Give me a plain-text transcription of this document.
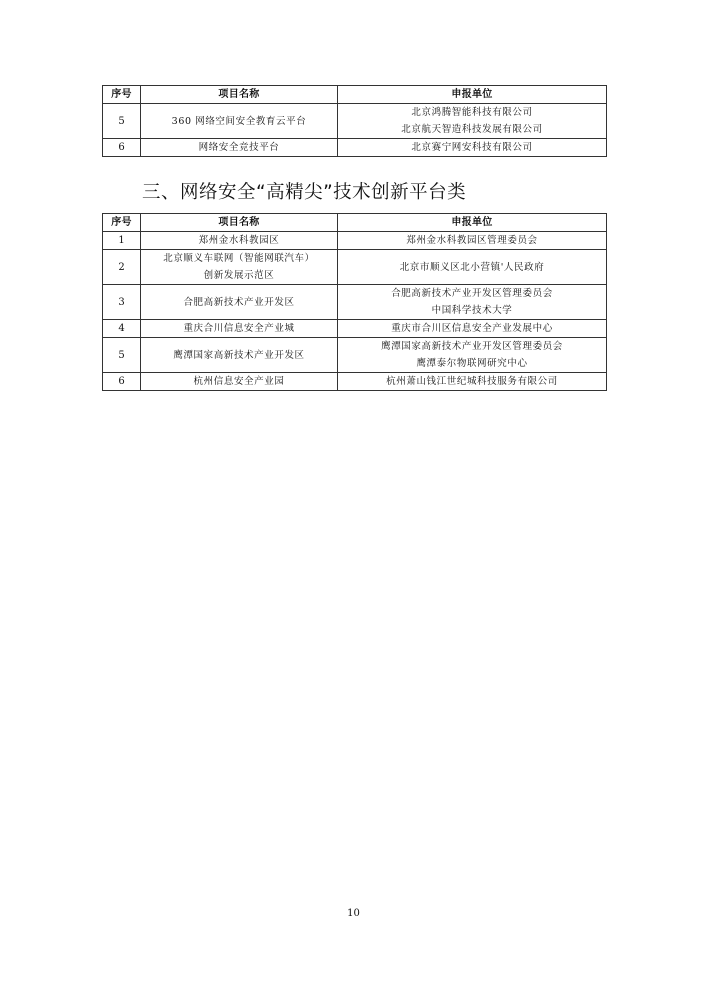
序号	项目名称	申报单位
5	360 网络空间安全教育云平台	北京鸿腾智能科技有限公司
北京航天智造科技发展有限公司

6	网络安全竞技平台	北京赛宁网安科技有限公司
三、网络安全“高精尖”技术创新平台类
序号	项目名称	申报单位
1	郑州金水科教园区	郑州金水科教园区管理委员会

2	北京顺义车联网（智能网联汽车）
创新发展示范区	北京市顺义区北小营镇'人民政府

3	合肥高新技术产业开发区	合肥高新技术产业开发区管理委员会
中国科学技术大学

4	重庆合川信息安全产业城	重庆市合川区信息安全产业发展中心

5	鹰潭国家高新技术产业开发区	鹰潭国家高新技术产业开发区管理委员会
鹰潭泰尔物联网研究中心

6	杭州信息安全产业园	杭州萧山钱江世纪城科技服务有限公司
10
